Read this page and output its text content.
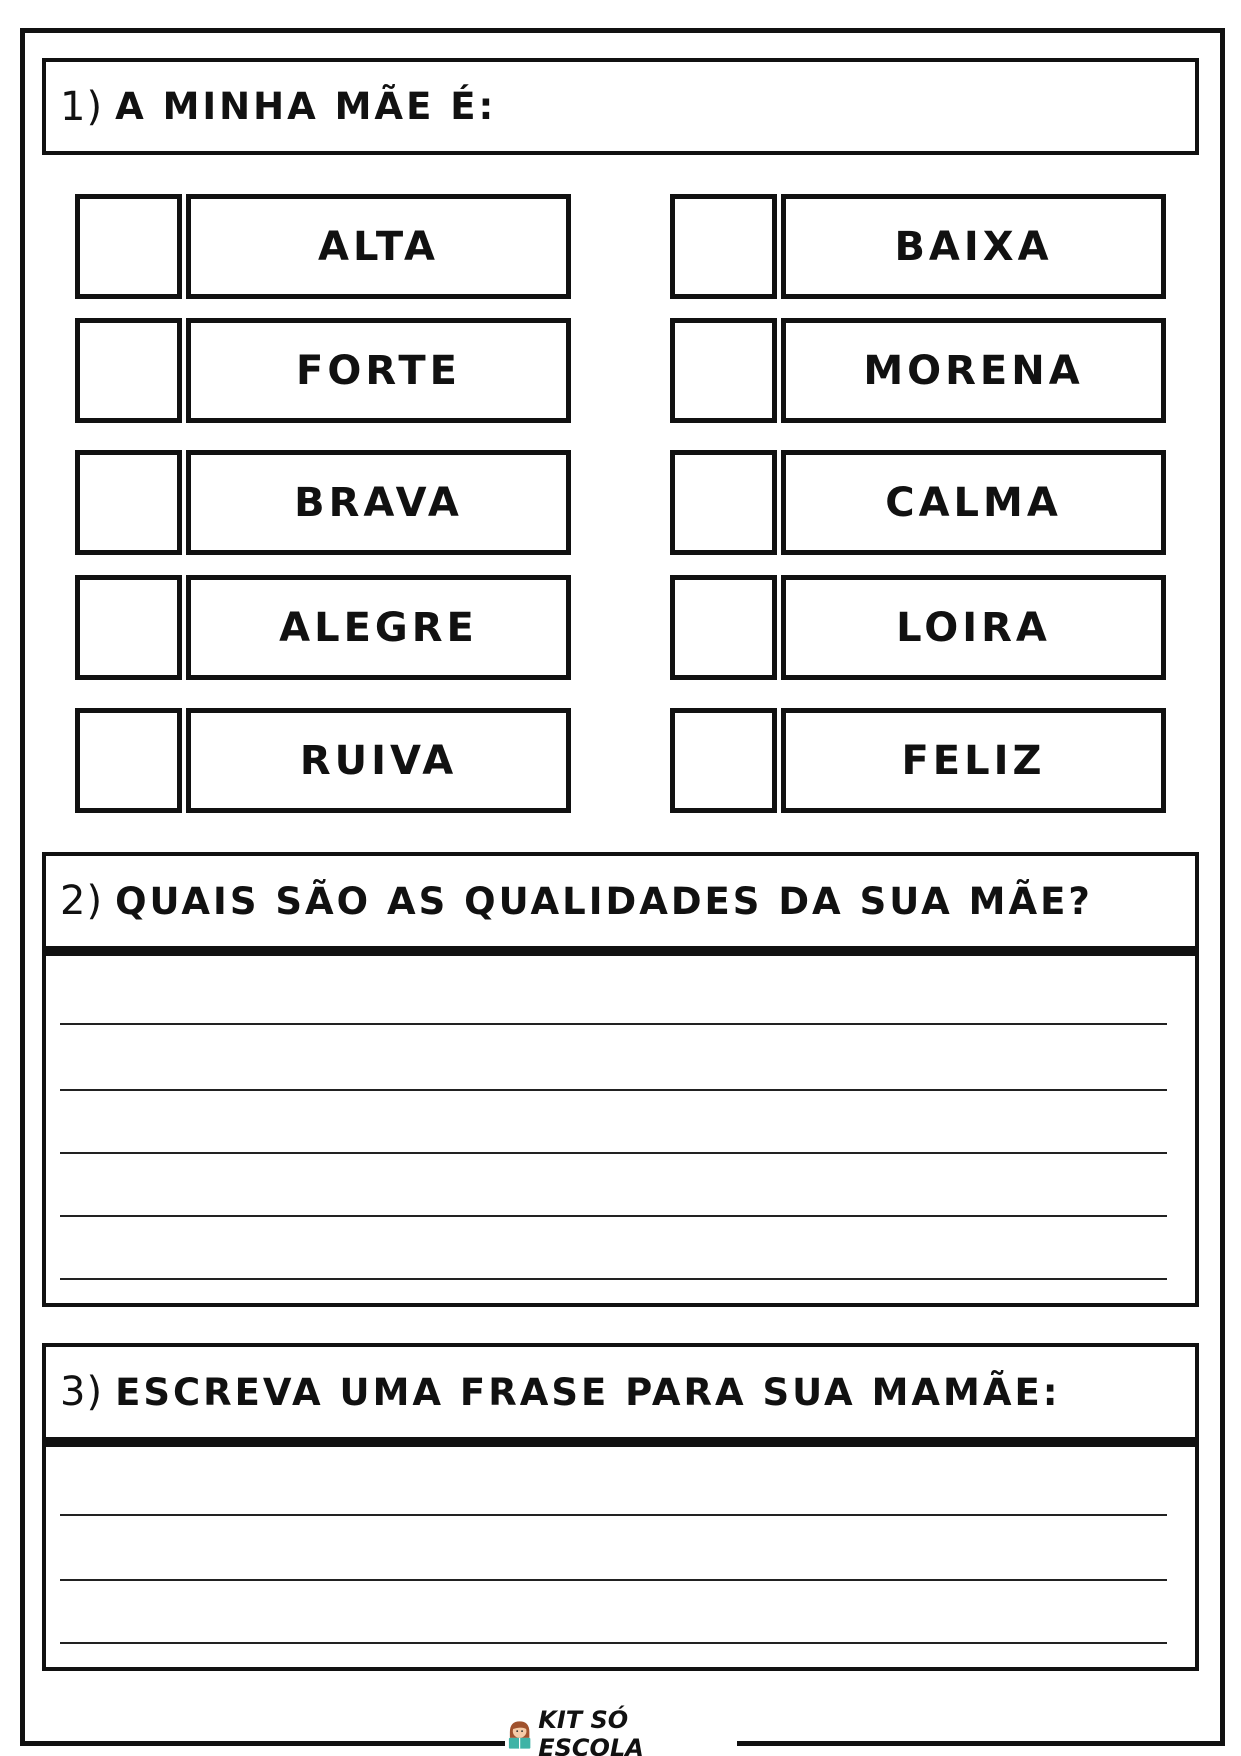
1) A MINHA MÃE É:
ALTA	BAIXA
FORTE	MORENA
BRAVA	CALMA
ALEGRE	LOIRA
RUIVA	FELIZ
2) QUAIS SÃO AS QUALIDADES DA SUA MÃE?
3) ESCREVA UMA FRASE PARA SUA MAMÃE:
KIT SÓ ESCOLA
